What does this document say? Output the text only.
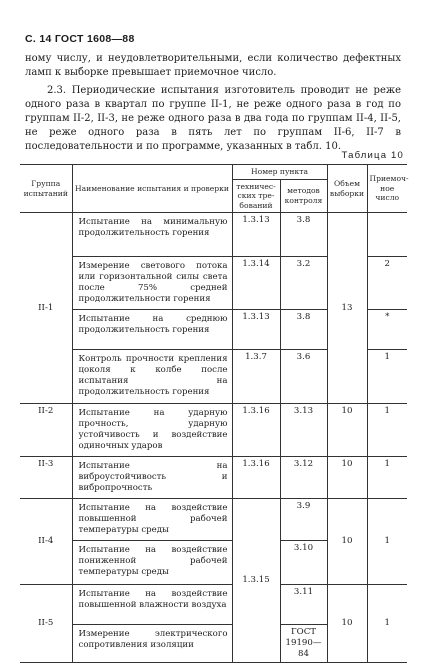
С. 14 ГОСТ 1608—88
ному числу, и неудовлетворительными, если количество дефектных ламп к выборке превышает приемочное число.
2.3. Периодические испытания изготовитель проводит не реже одного раза в квартал по группе II-1, не реже одного раза в год по группам II-2, II-3, не реже одного раза в два года по группам II-4, II-5, не реже одного раза в пять лет по группам II-6, II-7 в последовательности и по программе, указанных в табл. 10.
Таблица 10
Группа испытаний	Наименование испытания и проверки	Номер пункта		Объем выборки	Приемоч-ное число
		техничес-ских тре-бований	методов контроля		
II-1	Испытание на минимальную продолжительность горения	1.3.13	3.8	13	
	Измерение светового потока или горизонтальной силы света после 75% средней продолжительности горения	1.3.14	3.2		2
	Испытание на среднюю продолжительность горения	1.3.13	3.8		*
	Контроль прочности крепления цоколя к колбе после испытания на продолжительность горения	1.3.7	3.6		1
II-2	Испытание на ударную прочность, ударную устойчивость и воздействие одиночных ударов	1.3.16	3.13	10	1
II-3	Испытание на виброустойчивость и вибропрочность	1.3.16	3.12	10	1
II-4	Испытание на воздействие повышенной рабочей температуры среды	1.3.15	3.9	10	1
	Испытание на воздействие пониженной рабочей температуры среды		3.10		
II-5	Испытание на воздействие повышенной влажности воздуха		3.11	10	1
	Измерение электрического сопротивления изоляции		ГОСТ 19190—84		
